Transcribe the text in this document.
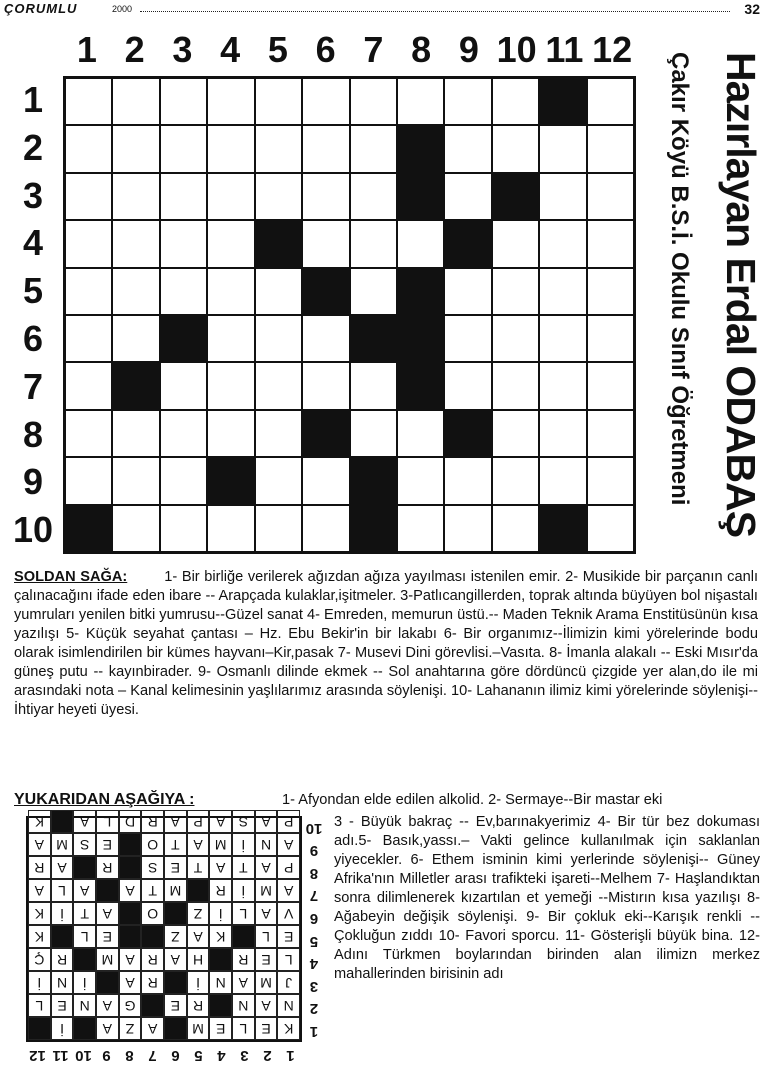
ÇORUMLU	2000	32
1 2 3 4 5 6 7 8 9 10 11 12
1
2
3
4
5
6
7
8
9
10	Hazırlayan Erdal ODABAŞ
Çakır Köyü B.S.İ. Okulu Sınıf Öğretmeni
SOLDAN SAĞA:	1- Bir birliğe verilerek ağızdan ağıza yayılması istenilen emir. 2- Musikide bir parçanın canlı çalınacağını ifade eden ibare -- Arapçada kulaklar,işitmeler. 3-Patlıcangillerden, toprak altında büyüyen bol nişastalı yumruları yenilen bitki yumrusu--Güzel sanat 4- Emreden, memurun üstü.-- Maden Teknik Arama Enstitüsünün kısa yazılışı 5- Küçük seyahat çantası – Hz. Ebu Bekir'in bir lakabı 6- Bir organımız--İlimizin kimi yörelerinde bodu olarak isimlendirilen bir kümes hayvanı–Kir,pasak 7- Musevi Dini görevlisi.–Vasıta. 8- İmanla alakalı -- Eski Mısır'da güneş putu -- kayınbirader. 9- Osmanlı dilinde ekmek -- Sol anahtarına göre dördüncü çizgide yer alan,do ile mi arasındaki nota – Kanal kelimesinin yaşlılarımız arasında söylenişi. 10- Lahananın ilimiz kimi yörelerinde söylenişi--İhtiyar heyeti üyesi.
YUKARIDAN AŞAĞIYA :	1- Afyondan elde edilen alkolid. 2- Sermaye--Bir mastar eki
3 - Büyük bakraç -- Ev,barınakyerimiz 4- Bir tür bez dokuması adı.5- Basık,yassı.– Vakti gelince kullanılmak için saklanlan yiyecekler. 6- Ethem isminin kimi yerlerinde söylenişi-- Güney Afrika'nın Milletler arası trafikteki işareti--Melhem 7- Haşlandıktan sonra dilimlenerek kızartılan et yemeği --Mistırın kısa yazılışı 8- Ağabeyin değişik söylenişi. 9- Bir çokluk eki--Karışık renkli -- Çokluğun zıddı 10- Favori sporcu. 11- Gösterişli büyük bina. 12- Adını Türkmen boylarından birinden alan ilimizn merkez mahallerinden birisinin adı
1
2
3
4
5
6
7
8
9
10
11
12
1
2
3
4
5
6
7
8
9
10
K
E
L
E
M
A
Z
A
İ
N
A
N
R
E
G
A
N
E
L
J
M
A
N
İ
R
A
İ
N
İ
L
E
R
H
A
R
A
M
R
Ç
E
L
K
A
Z
E
L
K
V
A
L
İ
Z
O
A
T
İ
K
A
M
İ
R
M
T
A
A
L
A
P
A
T
A
T
E
S
R
A
R
A
N
İ
M
A
T
O
E
S
M
A
P
A
S
A
P
A
R
D
L
A
K
